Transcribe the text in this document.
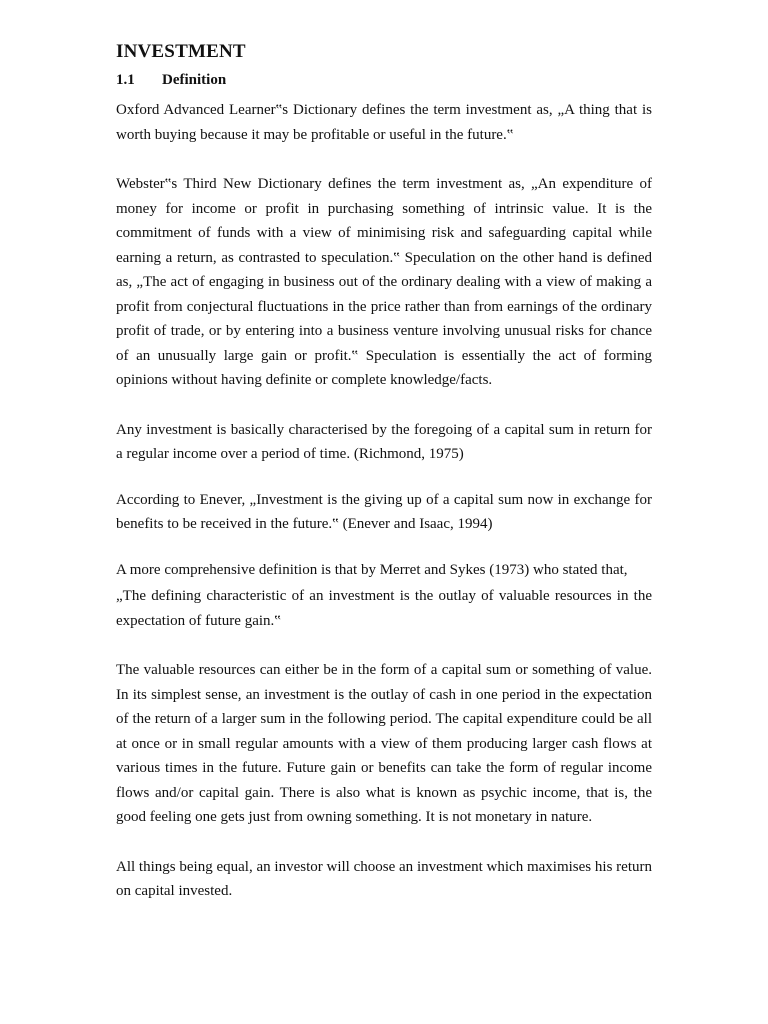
INVESTMENT
1.1	Definition

Oxford Advanced Learner‟s Dictionary defines the term investment as, „A thing that is worth buying because it may be profitable or useful in the future.‟

Webster‟s Third New Dictionary defines the term investment as, „An expenditure of money for income or profit in purchasing something of intrinsic value. It is the commitment of funds with a view of minimising risk and safeguarding capital while earning a return, as contrasted to speculation.‟ Speculation on the other hand is defined as, „The act of engaging in business out of the ordinary dealing with a view of making a profit from conjectural fluctuations in the price rather than from earnings of the ordinary profit of trade, or by entering into a business venture involving unusual risks for chance of an unusually large gain or profit.‟ Speculation is essentially the act of forming opinions without having definite or complete knowledge/facts.

Any investment is basically characterised by the foregoing of a capital sum in return for a regular income over a period of time. (Richmond, 1975)

According to Enever, „Investment is the giving up of a capital sum now in exchange for benefits to be received in the future.‟ (Enever and Isaac, 1994)

A more comprehensive definition is that by Merret and Sykes (1973) who stated that,

„The defining characteristic of an investment is the outlay of valuable resources in the expectation of future gain.‟

The valuable resources can either be in the form of a capital sum or something of value. In its simplest sense, an investment is the outlay of cash in one period in the expectation of the return of a larger sum in the following period. The capital expenditure could be all at once or in small regular amounts with a view of them producing larger cash flows at various times in the future. Future gain or benefits can take the form of regular income flows and/or capital gain. There is also what is known as psychic income, that is, the good feeling one gets just from owning something. It is not monetary in nature.

All things being equal, an investor will choose an investment which maximises his return on capital invested.
